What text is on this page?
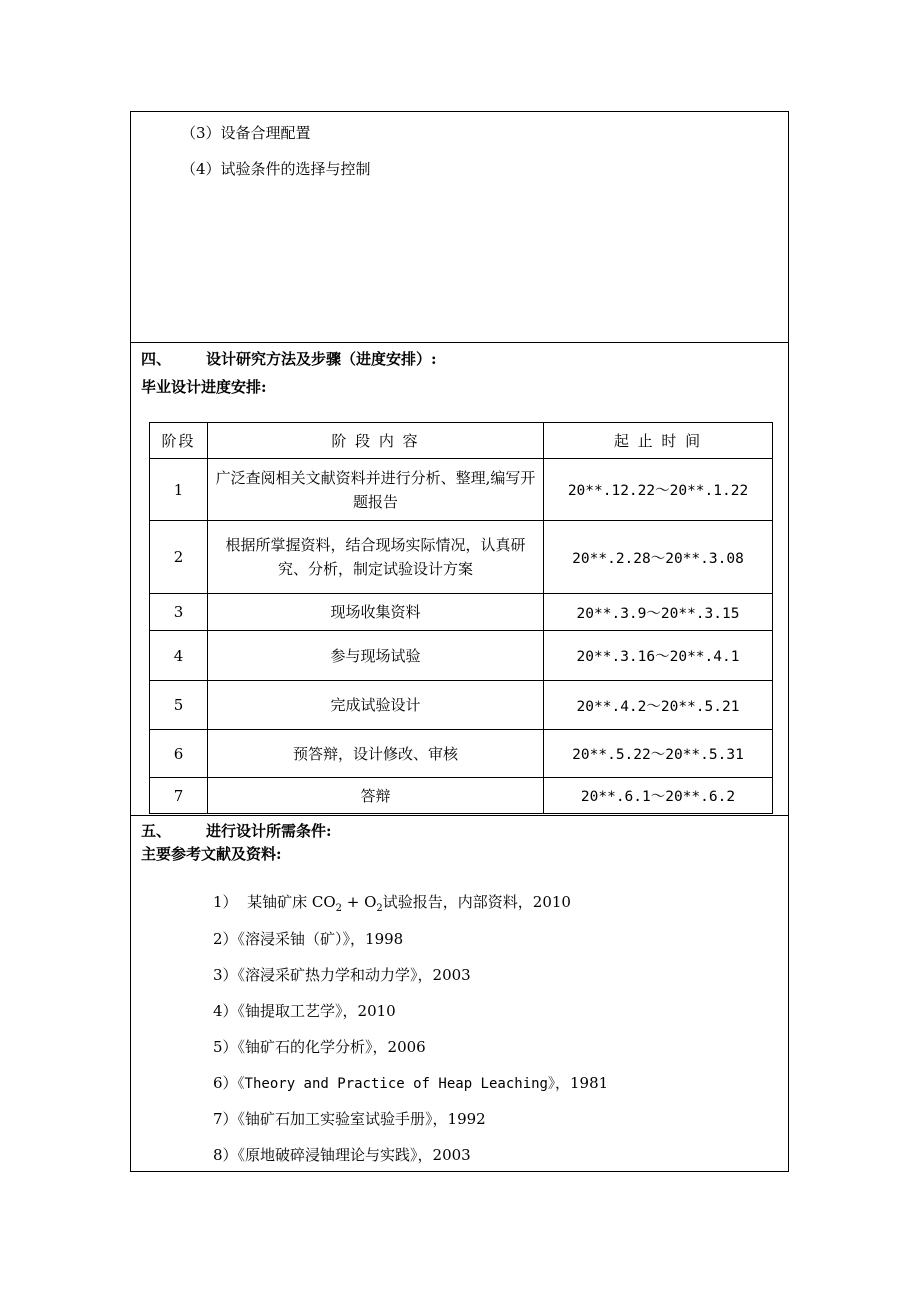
（3）设备合理配置
（4）试验条件的选择与控制
四、 设计研究方法及步骤（进度安排）:
毕业设计进度安排:
阶段	阶 段 内 容	起 止 时 间
1	广泛查阅相关文献资料并进行分析、整理,编写开题报告	20**.12.22～20**.1.22
2	根据所掌握资料，结合现场实际情况，认真研究、分析，制定试验设计方案	20**.2.28～20**.3.08
3	现场收集资料	20**.3.9～20**.3.15
4	参与现场试验	20**.3.16～20**.4.1
5	完成试验设计	20**.4.2～20**.5.21
6	预答辩，设计修改、审核	20**.5.22～20**.5.31
7	答辩	20**.6.1～20**.6.2
五、 进行设计所需条件:
主要参考文献及资料:
1） 某铀矿床 $CO_2 + O_2$试验报告，内部资料，2010
2）《溶浸采铀（矿）》，1998
3）《溶浸采矿热力学和动力学》，2003
4）《铀提取工艺学》，2010
5）《铀矿石的化学分析》，2006
6）《Theory and Practice of Heap Leaching》，1981
7）《铀矿石加工实验室试验手册》，1992
8）《原地破碎浸铀理论与实践》，2003
